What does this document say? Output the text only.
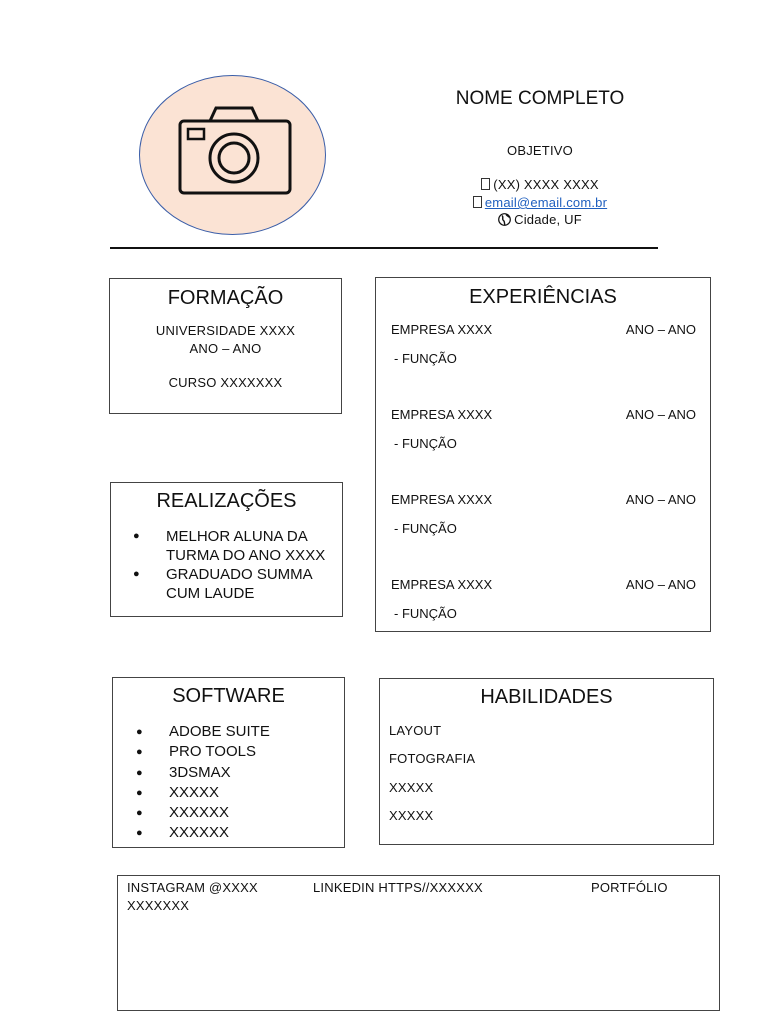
NOME COMPLETO
OBJETIVO
(XX) XXXX XXXX
email@email.com.br
Cidade, UF
FORMAÇÃO
UNIVERSIDADE XXXX
ANO – ANO
CURSO XXXXXXX
EXPERIÊNCIAS
EMPRESA XXXX	ANO – ANO
- FUNÇÃO
EMPRESA XXXX	ANO – ANO
- FUNÇÃO
EMPRESA XXXX	ANO – ANO
- FUNÇÃO
EMPRESA XXXX	ANO – ANO
- FUNÇÃO
REALIZAÇÕES
● MELHOR ALUNA DA
TURMA DO ANO XXXX
● GRADUADO SUMMA
CUM LAUDE
SOFTWARE
● ADOBE SUITE
● PRO TOOLS
● 3DSMAX
● XXXXX
● XXXXXX
● XXXXXX
HABILIDADES
LAYOUT
FOTOGRAFIA
XXXXX
XXXXX
INSTAGRAM @XXXX
XXXXXXX
LINKEDIN HTTPS//XXXXXX	PORTFÓLIO
